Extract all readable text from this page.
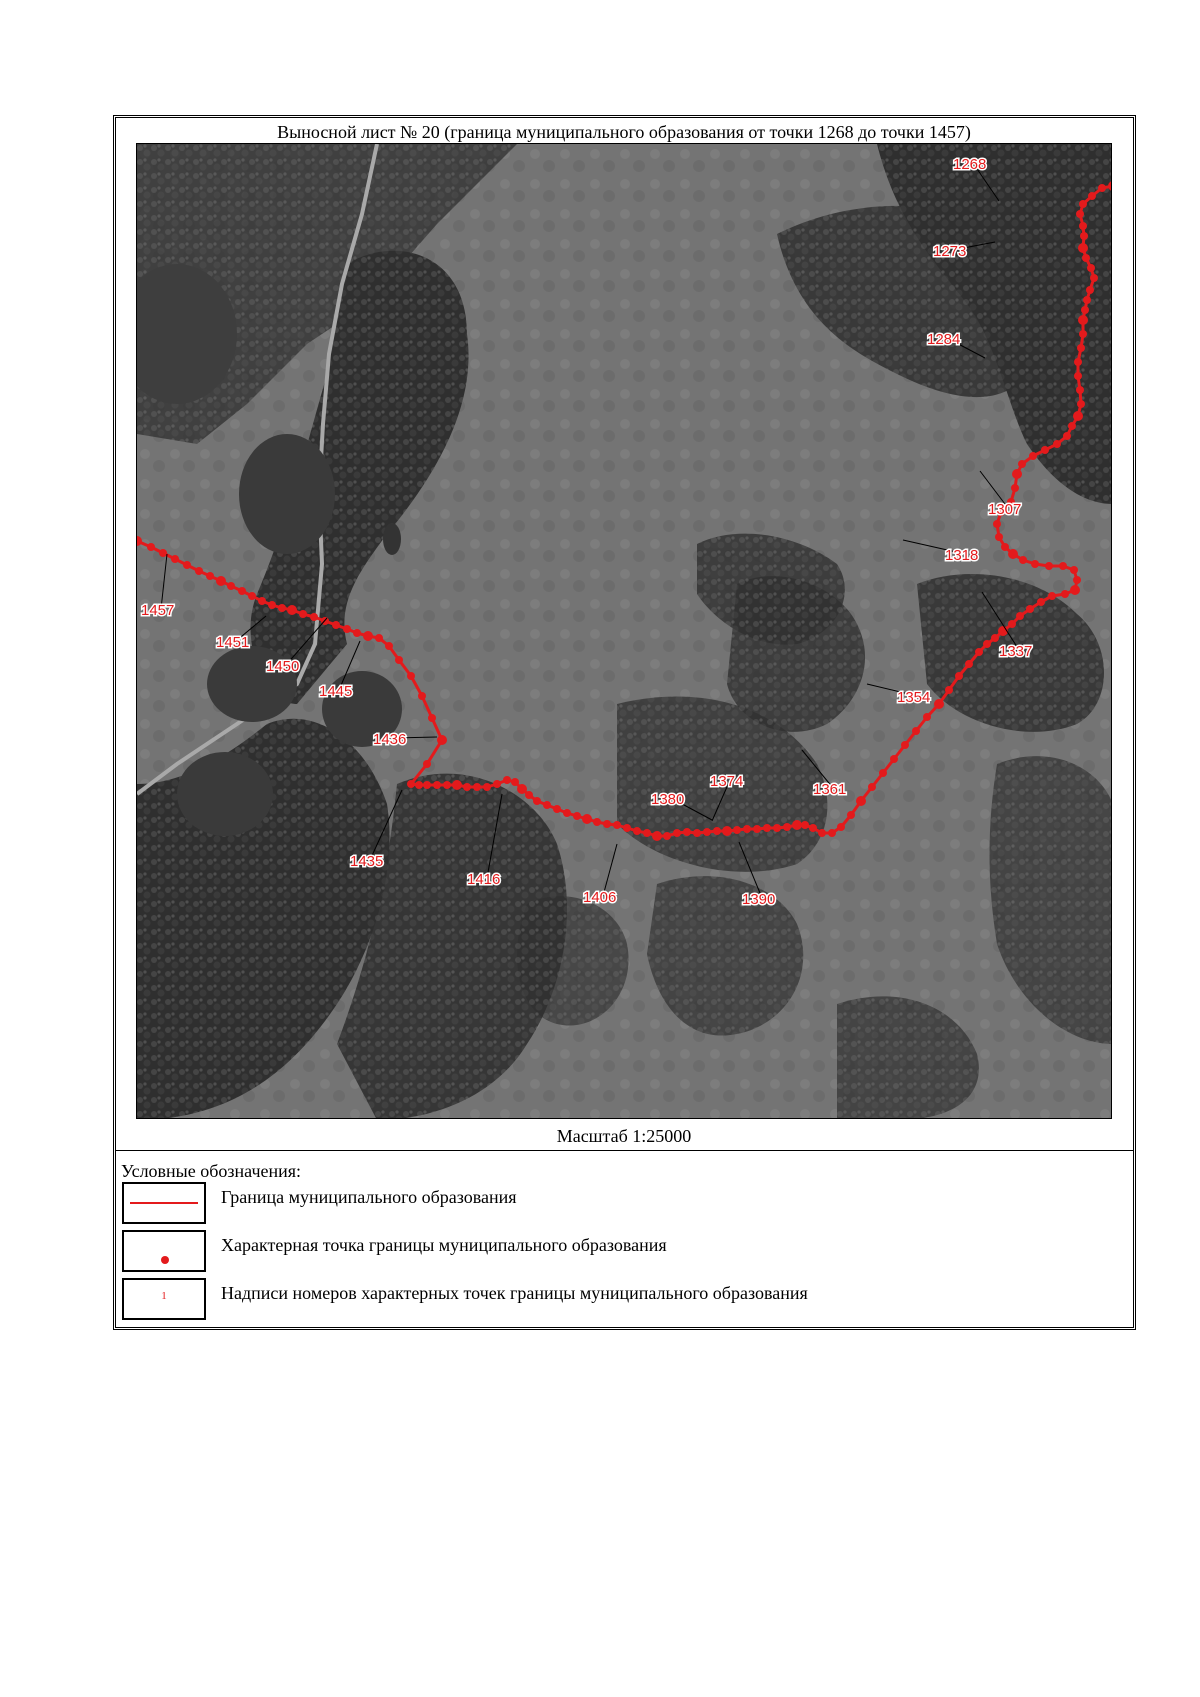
Выносной лист № 20 (граница муниципального образования от точки 1268 до точки 1457)
1268
1273
1284
1307
1318
1337
1354
1361
1374
1380
1390
1406
1416
1435
1436
1445
1450
1451
1457
Масштаб 1:25000
Условные обозначения:
Граница муниципального образования
Характерная точка границы муниципального образования
1	Надписи номеров характерных точек границы муниципального образования
